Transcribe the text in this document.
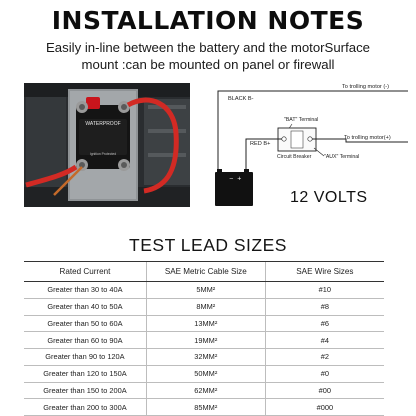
INSTALLATION NOTES
Easily in-line between the battery and the motorSurface
mount :can be mounted on panel or firewall
WATERPROOF
Ignition Protected
To trolling motor (-)
BLACK B-
"BAT" Terminal
To trolling motor(+)
RED B+
Circuit Breaker "AUX" Terminal
− +
12 VOLTS
TEST LEAD SIZES
Rated Current	SAE Metric Cable Size	SAE Wire Sizes
Greater than 30 to 40A	5MM²	#10
Greater than 40 to 50A	8MM²	#8
Greater than 50 to 60A	13MM²	#6
Greater than 60 to 90A	19MM²	#4
Greater than 90 to 120A	32MM²	#2
Greater than 120 to 150A	50MM²	#0
Greater than 150 to 200A	62MM²	#00
Greater than 200 to 300A	85MM²	#000
